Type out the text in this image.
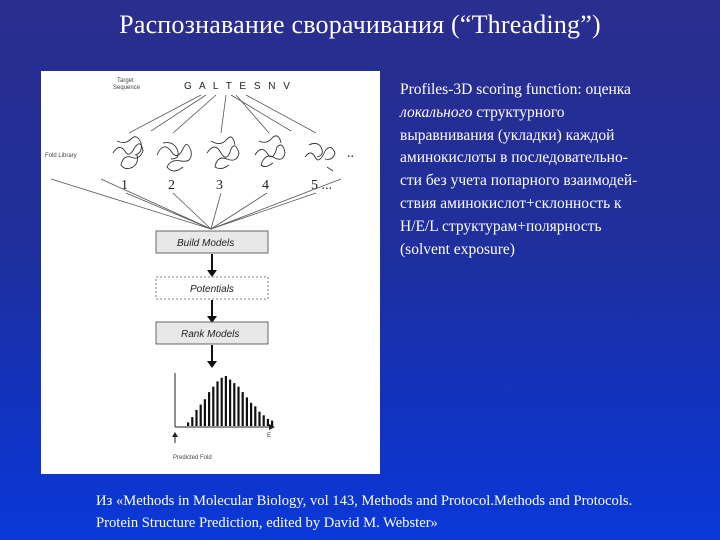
Распознавание сворачивания (“Threading”)
Target
Sequence	G A L T E S N V
Fold Library	..
1	2	3	4	5 ...
Build Models
Potentials
Rank Models
E
Predicted Fold
Profiles-3D scoring function: оценка
локального структурного
выравнивания (укладки) каждой
аминокислоты в последовательно-
сти без учета попарного взаимодей-
ствия аминокислот+склонность к
H/E/L структурам+полярность
(solvent exposure)
Из «Methods in Molecular Biology, vol 143, Methods and Protocol.Methods and Protocols.
Protein Structure Prediction, edited by David M. Webster»
